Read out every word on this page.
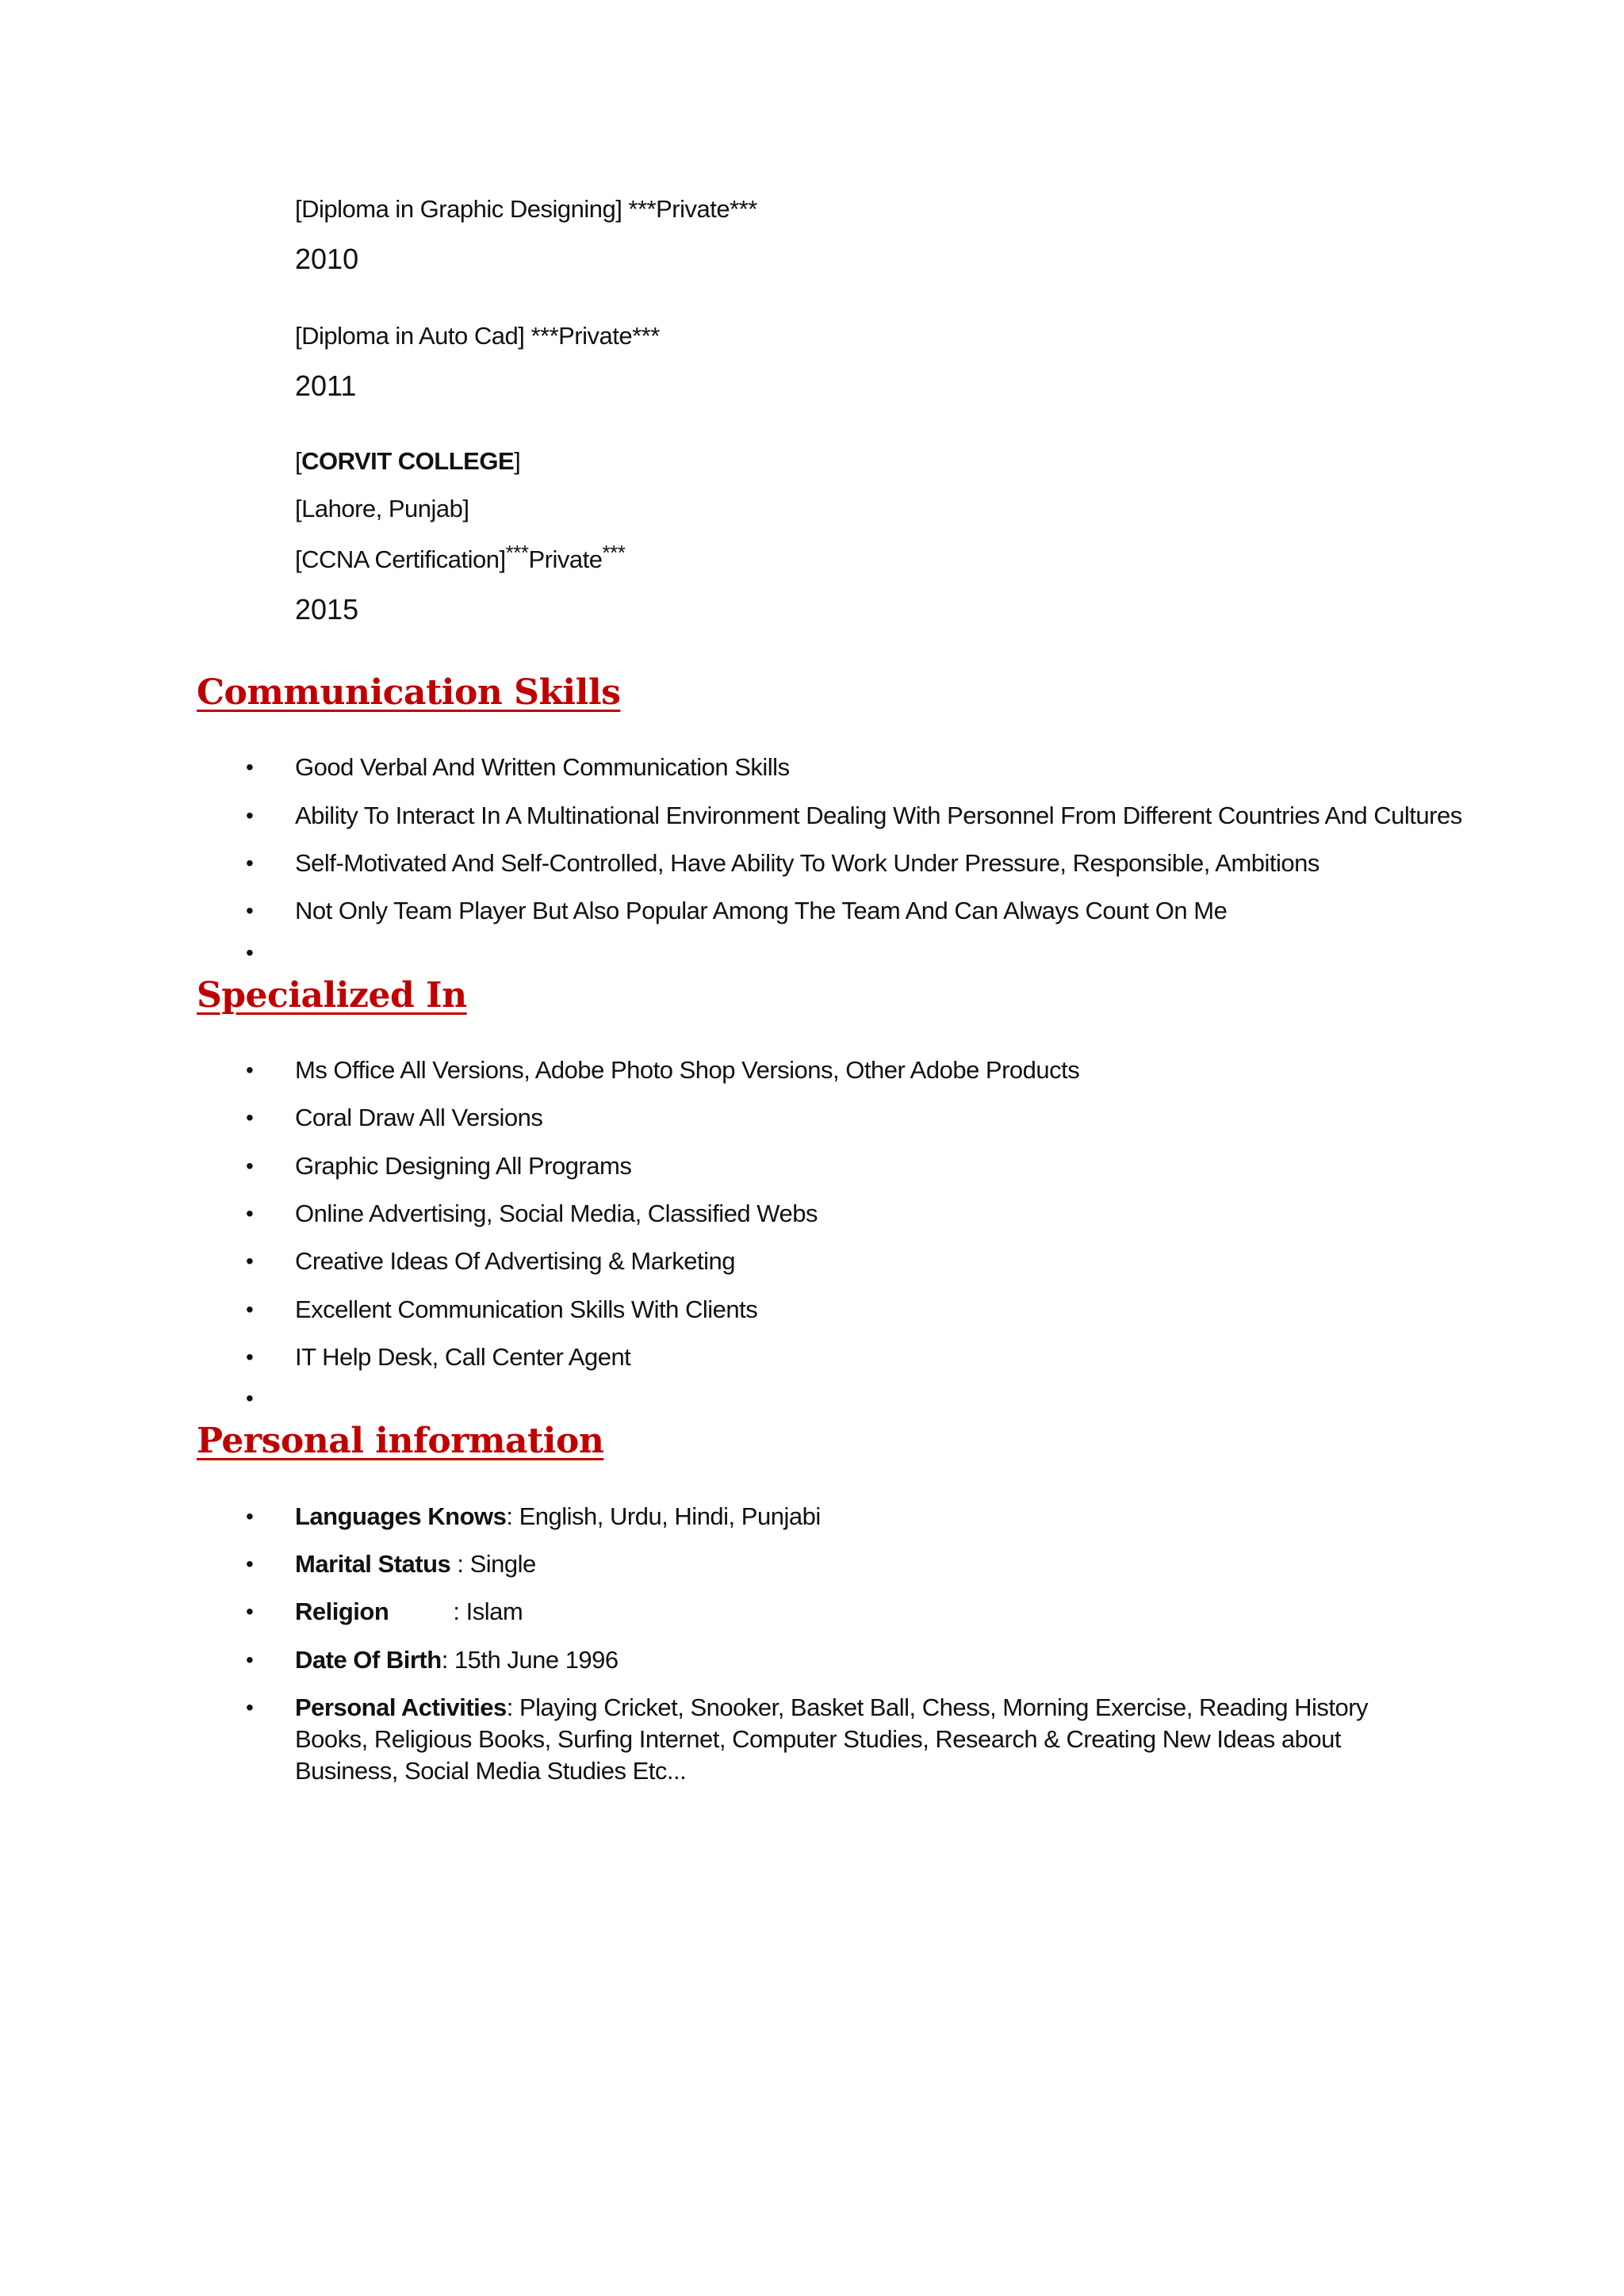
[Diploma in Graphic Designing] ***Private***
2010
[Diploma in Auto Cad] ***Private***
2011
[CORVIT COLLEGE]
[Lahore, Punjab]
[CCNA Certification]***Private***
2015
Communication Skills
• Good Verbal And Written Communication Skills
• Ability To Interact In A Multinational Environment Dealing With Personnel From Different Countries And Cultures
• Self-Motivated And Self-Controlled, Have Ability To Work Under Pressure, Responsible, Ambitions
• Not Only Team Player But Also Popular Among The Team And Can Always Count On Me
•
Specialized In
• Ms Office All Versions, Adobe Photo Shop Versions, Other Adobe Products
• Coral Draw All Versions
• Graphic Designing All Programs
• Online Advertising, Social Media, Classified Webs
• Creative Ideas Of Advertising & Marketing
• Excellent Communication Skills With Clients
• IT Help Desk, Call Center Agent
•
Personal information
• Languages Knows: English, Urdu, Hindi, Punjabi
• Marital Status : Single
• Religion          : Islam
• Date Of Birth: 15th June 1996
• Personal Activities: Playing Cricket, Snooker, Basket Ball, Chess, Morning Exercise, Reading History Books, Religious Books, Surfing Internet, Computer Studies, Research & Creating New Ideas about Business, Social Media Studies Etc...
